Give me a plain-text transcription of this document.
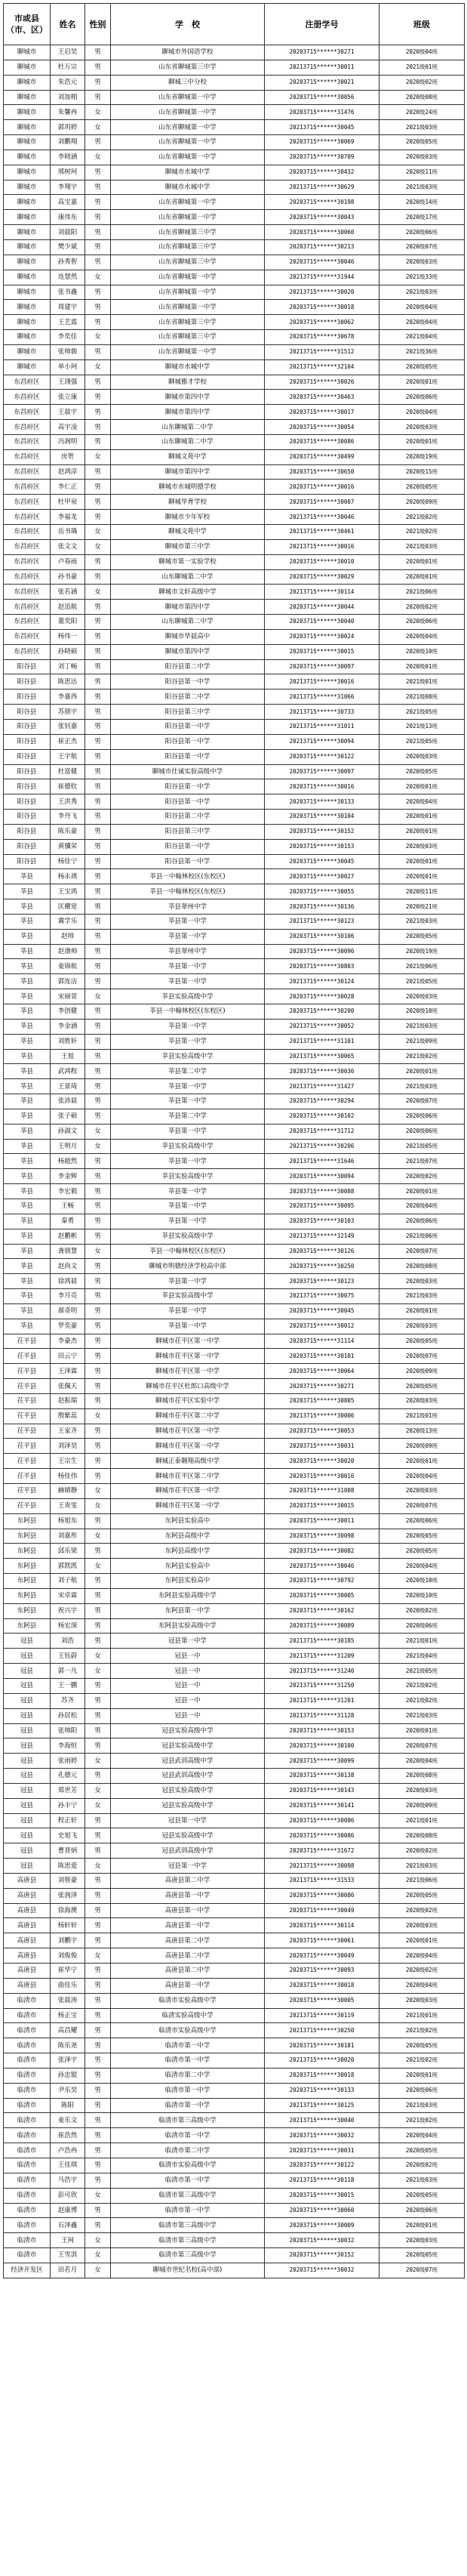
市或县（市、区）	姓名	性别	学　校	注册学号	班级
聊城市	王启昊	男	聊城市外国语学校	20203715******30271	2020级04班
聊城市	杜万宗	男	山东省聊城第三中学	20213715******30011	2021级01班
聊城市	朱浩元	男	聊城三中分校	20203715******30021	2020级02班
聊城市	刘加栩	男	山东省聊城第一中学	20203715******30056	2020级08班
聊城市	朱馨冉	女	山东省聊城第一中学	20203715******31476	2020级24班
聊城市	郭玥婷	女	山东省聊城第一中学	20213715******30045	2021级03班
聊城市	刘鹏翔	男	山东省聊城第一中学	20203715******30069	2020级05班
聊城市	李晓涵	女	山东省聊城第一中学	20203715******30709	2020级03班
聊城市	邢树珂	男	聊城市水城中学	20203715******30432	2020级11班
聊城市	李翔宇	男	聊城市水城中学	20213715******30629	2021级03班
聊城市	高宝嘉	男	山东省聊城第一中学	20203715******30198	2020级14班
聊城市	康伟东	男	山东省聊城第一中学	20203715******30043	2020级17班
聊城市	刘晨阳	男	山东省聊城第三中学	20203715******30060	2020级06班
聊城市	樊少斌	男	山东省聊城第三中学	20203715******30213	2020级07班
聊城市	孙秀智	男	山东省聊城第三中学	20203715******30046	2020级03班
聊城市	连慧然	女	山东省聊城第一中学	20213715******31944	2021级33班
聊城市	张书鑫	男	山东省聊城第一中学	20213715******30020	2021级03班
聊城市	周建宇	男	山东省聊城第一中学	20203715******30018	2020级04班
聊城市	王艺震	男	山东省聊城第三中学	20203715******30062	2020级04班
聊城市	李奕佳	女	山东省聊城第三中学	20203715******30678	2021级04班
聊城市	张帅骏	男	山东省聊城第一中学	20213715******31512	2021级36班
聊城市	单小珂	女	聊城市水城中学	20213715******32104	2020级05班
东昌府区	王翊强	男	聊城雅才学校	20203715******30026	2020级01班
东昌府区	张立康	男	聊城市第四中学	20203715******30463	2020级06班
东昌府区	王晨宇	男	聊城市第四中学	20203715******30017	2020级04班
东昌府区	高宇凌	男	山东聊城第二中学	20203715******30054	2020级03班
东昌府区	冯润明	男	山东聊城第二中学	20203715******30086	2020级01班
东昌府区	房贺	女	聊城文苑中学	20203715******30499	2020级19班
东昌府区	赵鸿淳	男	聊城市第四中学	20203715******30650	2020级15班
东昌府区	李仁正	男	聊城市水城明德学校	20203715******30016	2020级05班
东昌府区	杜甲泉	男	聊城华育学校	20203715******30007	2020级09班
东昌府区	李福龙	男	聊城市少年军校	20213715******30046	2021级02班
东昌府区	岳书瑀	女	聊城文苑中学	20213715******30461	2021级02班
东昌府区	张文文	女	聊城市第三中学	20213715******30016	2021级03班
东昌府区	卢春雨	男	聊城市第一实验学校	20203715******30010	2020级01班
东昌府区	孙书豪	男	山东聊城第二中学	20203715******30029	2020级01班
东昌府区	张若涵	女	聊城市文轩高级中学	20213715******30114	2021级06班
东昌府区	赵迅航	男	聊城市第四中学	20203715******30044	2020级02班
东昌府区	董奕阳	男	山东聊城第二中学	20203715******30040	2020级06班
东昌府区	杨伟一	男	聊城市华晨高中	20203715******30024	2020级04班
东昌府区	孙晓硕	男	聊城市第四中学	20203715******30015	2020级10班
阳谷县	刘丁畅	男	阳谷县第二中学	20203715******30097	2020级01班
阳谷县	陈思达	男	阳谷县第一中学	20213715******30016	2021级01班
阳谷县	李嘉西	男	阳谷县第二中学	20213715******31066	2021级08班
阳谷县	苏朋宇	男	阳谷县第三中学	20213715******30733	2021级05班
阳谷县	张钊嘉	男	阳谷县第一中学	20213715******31011	2021级13班
阳谷县	崔正杰	男	阳谷县第一中学	20213715******30094	2021级05班
阳谷县	王宇航	男	阳谷县第一中学	20203715******30122	2020级03班
阳谷县	杜富健	男	聊城市仕诚实验高级中学	20203715******30097	2020级05班
阳谷县	崔德钦	男	阳谷县第一中学	20203715******30016	2020级01班
阳谷县	王洪秀	男	阳谷县第一中学	20203715******30133	2020级04班
阳谷县	李丹飞	男	阳谷县第二中学	20203715******30104	2020级01班
阳谷县	陈乐豪	男	阳谷县第三中学	20203715******30152	2020级01班
阳谷县	黄骥荣	男	阳谷县第一中学	20203715******30153	2020级03班
阳谷县	杨佳宁	男	阳谷县第一中学	20203715******30045	2020级01班
莘县	杨永祺	男	莘县一中翰林校区(东校区)	20203715******30027	2020级01班
莘县	王宝鸿	男	莘县一中翰林校区(东校区)	20203715******30055	2020级11班
莘县	匡耀宽	男	莘县翠州中学	20203715******30136	2020级21班
莘县	冀学乐	男	莘县第一中学	20213715******30123	2021级03班
莘县	赵帅	男	莘县第一中学	20203715******30106	2020级05班
莘县	赵渤帅	男	莘县翠州中学	20203715******30096	2020级19班
莘县	姜锦航	男	莘县第一中学	20203715******30803	2021级06班
莘县	郭连洁	男	莘县第一中学	20213715******30124	2021级05班
莘县	宋丽萱	女	莘县实验高级中学	20203715******30028	2020级03班
莘县	李创健	男	莘县一中翰林校区(东校区)	20203715******30200	2020级10班
莘县	李金涵	男	莘县第一中学	20213715******30052	2021级03班
莘县	刘胜轩	男	莘县第一中学	20213715******31101	2021级09班
莘县	王旭	男	莘县实验高级中学	20213715******30065	2021级02班
莘县	武鸿程	男	莘县第二中学	20203715******30036	2020级01班
莘县	王景琦	男	莘县第一中学	20213715******31427	2021级03班
莘县	张沛晨	男	莘县第一中学	20203715******30294	2020级07班
莘县	张子硕	男	莘县第二中学	20203715******30102	2020级06班
莘县	孙淑文	女	莘县第一中学	20203715******31712	2020级06班
莘县	王明月	女	莘县实验高级中学	20213715******30206	2021级05班
莘县	杨超然	男	莘县第一中学	20213715******31646	2021级07班
莘县	李金辉	男	莘县实验高级中学	20203715******30094	2020级02班
莘县	李宏毅	男	莘县第一中学	20203715******30088	2020级01班
莘县	王畅	男	莘县第一中学	20203715******30095	2020级04班
莘县	秦勇	男	莘县第一中学	20203715******30103	2020级06班
莘县	赵鹏彬	男	莘县实验高级中学	20213715******32149	2021级06班
莘县	龚朋慧	女	莘县一中翰林校区(东校区)	20203715******30126	2020级07班
莘县	赵尚文	男	聊城市明德经济学校高中部	20203715******30250	2020级08班
莘县	徐鸿晨	男	莘县第一中学	20203715******30123	2020级03班
莘县	李月亮	男	莘县实验高级中学	20213715******30075	2021级03班
莘县	郝奇明	男	莘县第一中学	20203715******30045	2020级01班
莘县	罗奕豪	男	莘县第一中学	20203715******30012	2020级03班
茌平县	李豪杰	男	聊城市茌平区第一中学	20203715******31114	2020级05班
茌平县	田云宁	男	聊城市茌平区第一中学	20203715******30101	2020级07班
茌平县	王泽霖	男	聊城市茌平区第一中学	20203715******30064	2020级09班
茌平县	张佩天	男	聊城市茌平区杜郎口高级中学	20203715******30271	2020级05班
茌平县	赵振瑞	男	聊城市茌平区实验中学	20203715******30805	2020级03班
茌平县	殷紫蕊	女	聊城市茌平区第二中学	20213715******30006	2021级01班
茌平县	王家齐	男	聊城市茌平区第一中学	20203715******30053	2020级13班
茌平县	刘泽昊	男	聊城市茌平区第一中学	20203715******30031	2020级09班
茌平县	王宗生	男	聊城正泰翱翔高级中学	20203715******30020	2020级01班
茌平县	杨佳伟	男	聊城市茌平区第二中学	20203715******30016	2020级04班
茌平县	赫婧静	女	聊城市茌平区第一中学	20203715******31088	2020级03班
茌平县	王贵雯	女	聊城市茌平区第一中学	20203715******30015	2020级07班
东阿县	杨旭东	男	东阿县实验高中	20203715******30011	2020级06班
东阿县	刘嘉彤	女	东阿县高级中学	20203715******30098	2020级05班
东阿县	邱乐梁	男	东阿县高级中学	20203715******30082	2020级05班
东阿县	郭凯凯	女	东阿县实验高中	20203715******30046	2020级04班
东阿县	刘子航	男	东阿县实验高中	20203715******30792	2020级10班
东阿县	宋卓霖	男	东阿县实验高级中学	20203715******30005	2020级10班
东阿县	祝兴宇	男	东阿县第一中学	20203715******30162	2020级02班
东阿县	杨宏深	男	东阿县实验高级中学	20203715******30089	2020级06班
冠县	刘浩	男	冠县第一中学	20213715******30185	2021级01班
冠县	王钰蔚	女	冠县一中	20213715******31209	2021级04班
冠县	郭一凡	女	冠县一中	20213715******31240	2021级05班
冠县	王一鹏	男	冠县一中	20213715******31250	2021级02班
冠县	苏齐	男	冠县一中	20213715******31201	2021级02班
冠县	孙居松	男	冠县一中	20213715******31128	2021级03班
冠县	张帅阳	男	冠县实验高级中学	20203715******30153	2020级01班
冠县	李海恒	男	冠县实验高级中学	20203715******30100	2020级07班
冠县	张雨婷	女	冠县武训高级中学	20203715******30099	2020级04班
冠县	孔德元	男	冠县武训高级中学	20203715******30138	2020级08班
冠县	郑世芳	女	冠县实验高级中学	20203715******30143	2020级03班
冠县	孙丰宁	女	冠县实验高级中学	20203715******30141	2020级09班
冠县	程正轩	男	冠县第一中学	20203715******30086	2021级01班
冠县	史旭飞	男	冠县实验高级中学	20203715******30086	2020级08班
冠县	曹晋炳	男	冠县武训高级中学	20203715******31672	2020级02班
冠县	陈思爱	女	冠县第一中学	20213715******30098	2021级03班
高唐县	刘智豪	男	高唐县第二中学	20213715******31533	2021级06班
高唐县	张润泽	男	高唐县第一中学	20203715******30086	2020级05班
高唐县	徐海澳	男	高唐县第一中学	20203715******30049	2020级02班
高唐县	杨轩轩	男	高唐县第一中学	20203715******30114	2020级03班
高唐县	刘鹏宇	男	高唐县第二中学	20203715******30061	2020级01班
高唐县	刘俊俊	女	高唐县第二中学	20203715******30049	2020级04班
高唐县	崔华宁	男	高唐县第二中学	20203715******30093	2020级02班
高唐县	曲佳乐	男	高唐县第一中学	20203715******30018	2020级04班
临清市	张晨涛	男	临清市实验高级中学	20203715******30005	2020级03班
临清市	杨正宝	男	临清实验高级中学	20213715******30119	2021级01班
临清市	高昌耀	男	临清市实验高级中学	20213715******30250	2021级02班
临清市	陈乐尧	男	临清市第一中学	20203715******30181	2020级05班
临清市	张泽宇	男	临清市第一中学	20213715******30020	2021级02班
临清市	孙忠锟	男	临清市第二中学	20203715******30018	2020级01班
临清市	尹乐昊	男	临清市第一中学	20203715******30133	2020级06班
临清市	陈阳	男	临清市第一中学	20213715******30125	2021级03班
临清市	姜乐文	男	临清市第三高级中学	20213715******30040	2021级02班
临清市	崔浩然	男	临清市第一中学	20203715******30032	2020级04班
临清市	卢浩冉	男	临清市第二中学	20203715******30031	2020级05班
临清市	王佳琪	男	临清市实验高级中学	20203715******30122	2020级02班
临清市	马浩宇	男	临清市第一中学	20213715******30118	2021级03班
临清市	彭可欣	女	临清市第三高级中学	20203715******30015	2020级05班
临清市	赵康博	男	临清市第一中学	20203715******30060	2020级06班
临清市	石泽鑫	男	临清市第三高级中学	20203715******30009	2020级01班
临清市	王珂	女	临清市第三高级中学	20203715******30032	2020级03班
临清市	王雪淇	女	临清市第三高级中学	20203715******30152	2020级05班
经济开发区	田若月	女	聊城市世纪名校(高中部)	20203715******30032	2020级07班
